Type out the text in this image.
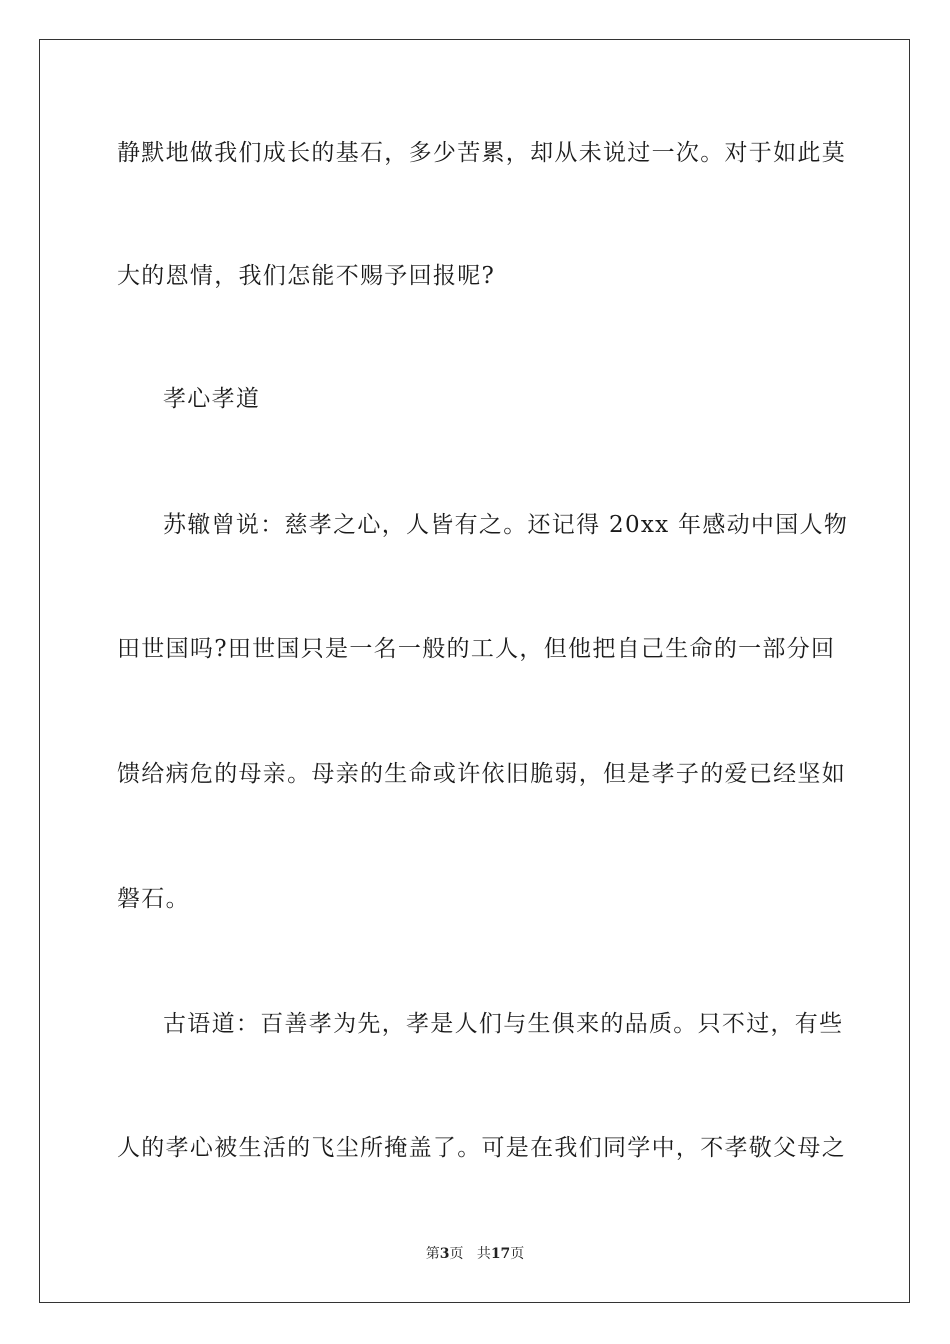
静默地做我们成长的基石，多少苦累，却从未说过一次。对于如此莫
大的恩情，我们怎能不赐予回报呢?
孝心孝道
苏辙曾说：慈孝之心，人皆有之。还记得 20xx 年感动中国人物
田世国吗?田世国只是一名一般的工人，但他把自己生命的一部分回
馈给病危的母亲。母亲的生命或许依旧脆弱，但是孝子的爱已经坚如
磐石。
古语道：百善孝为先，孝是人们与生俱来的品质。只不过，有些
人的孝心被生活的飞尘所掩盖了。可是在我们同学中，不孝敬父母之
第3页 共17页
